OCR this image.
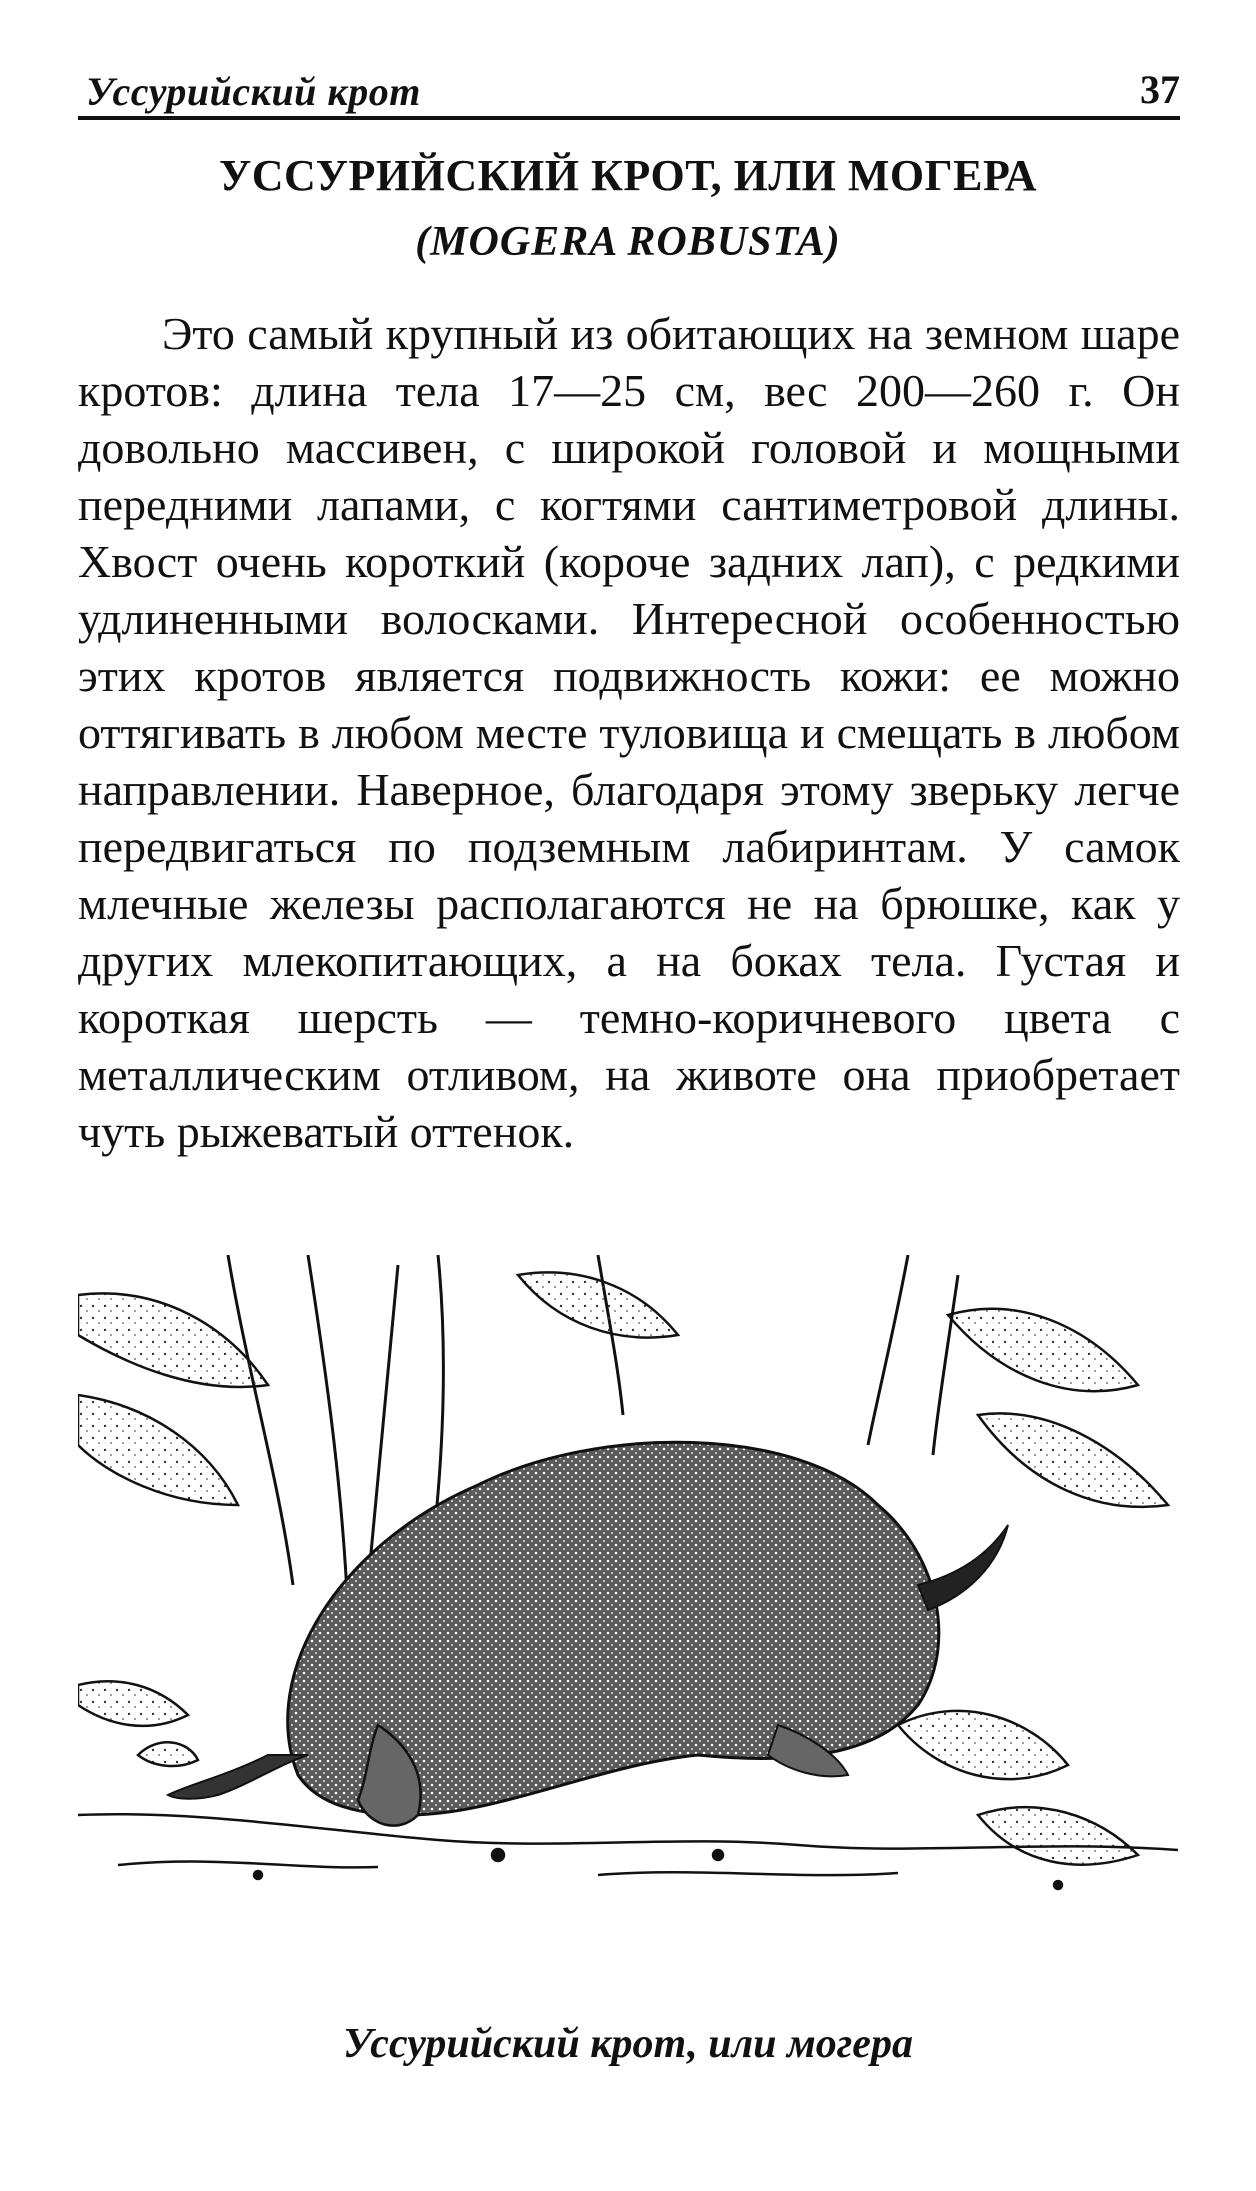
Уссурийский крот	37
УССУРИЙСКИЙ КРОТ, ИЛИ МОГЕРА
(MOGERA ROBUSTA)

Это самый крупный из обитающих на земном шаре кротов: длина тела 17—25 см, вес 200—260 г. Он довольно массивен, с широкой головой и мощными передними лапами, с когтями сантиметровой длины. Хвост очень короткий (короче задних лап), с редкими удлиненными волосками. Интересной особенностью этих кротов является подвижность кожи: ее можно оттягивать в любом месте туловища и смещать в любом направлении. Наверное, благодаря этому зверьку легче передвигаться по подземным лабиринтам. У самок млечные железы располагаются не на брюшке, как у других млекопитающих, а на боках тела. Густая и короткая шерсть — темно-коричневого цвета с металлическим отливом, на животе она приобретает чуть рыжеватый оттенок.

Уссурийский крот, или могера
